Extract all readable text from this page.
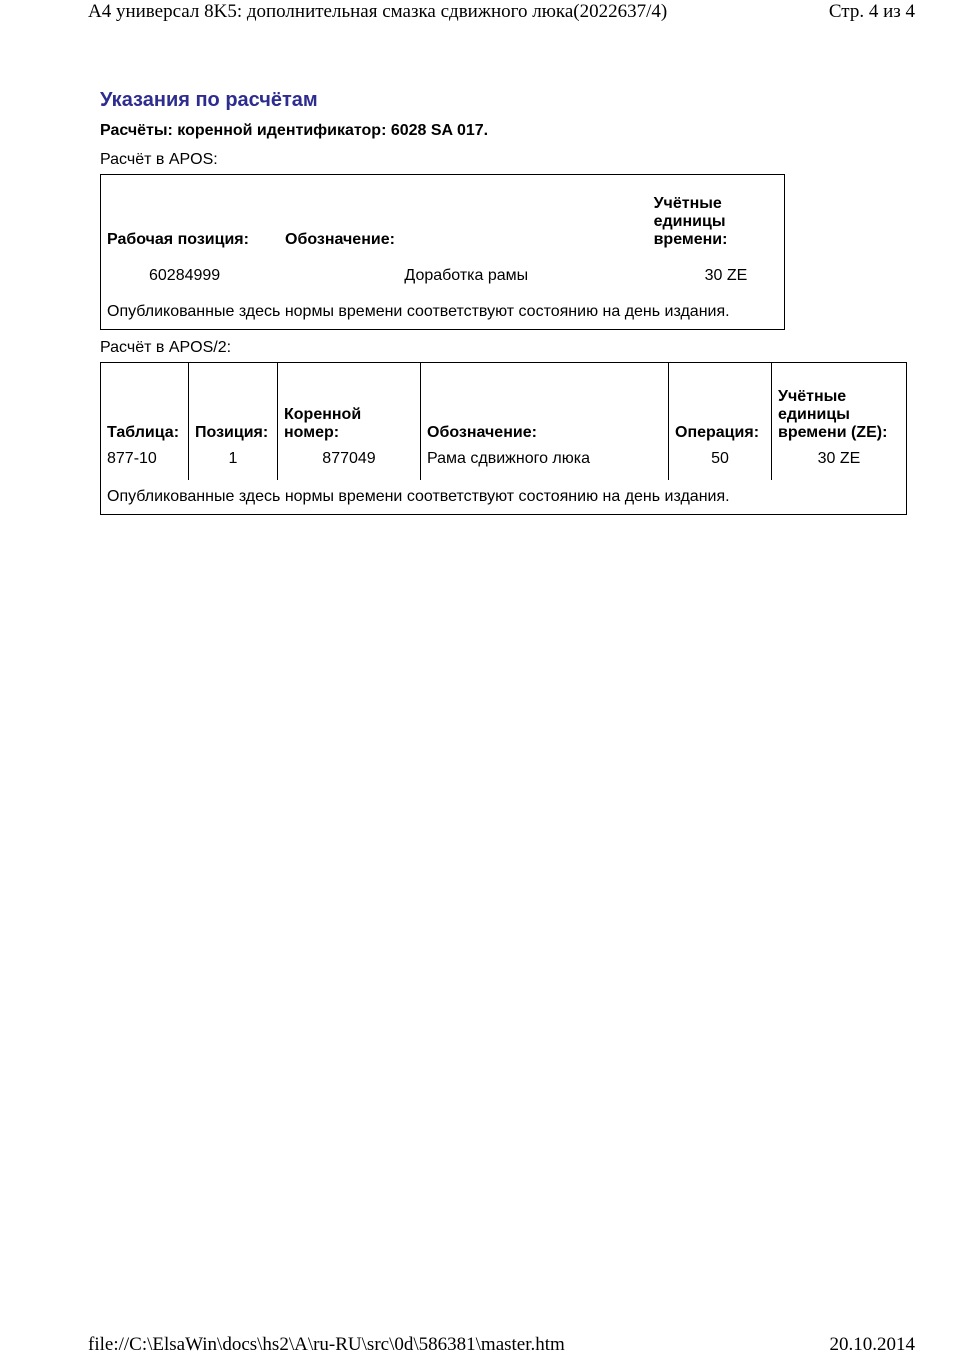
A4 универсал 8K5: дополнительная смазка сдвижного люка(2022637/4)	Стр. 4 из 4

Указания по расчётам

Расчёты: коренной идентификатор: 6028 SA 017.

Расчёт в APOS:

Рабочая позиция:	Обозначение:	Учётные единицы времени:

60284999	Доработка рамы	30 ZE
Опубликованные здесь нормы времени соответствуют состоянию на день издания.		

Расчёт в APOS/2:

Таблица:	Позиция:	Коренной номер:	Обозначение:	Операция:	Учётные единицы времени (ZE):

877-10	1	877049	Рама сдвижного люка	50	30 ZE
Опубликованные здесь нормы времени соответствуют состоянию на день издания.					
file://C:\ElsaWin\docs\hs2\A\ru-RU\src\0d\586381\master.htm	20.10.2014
